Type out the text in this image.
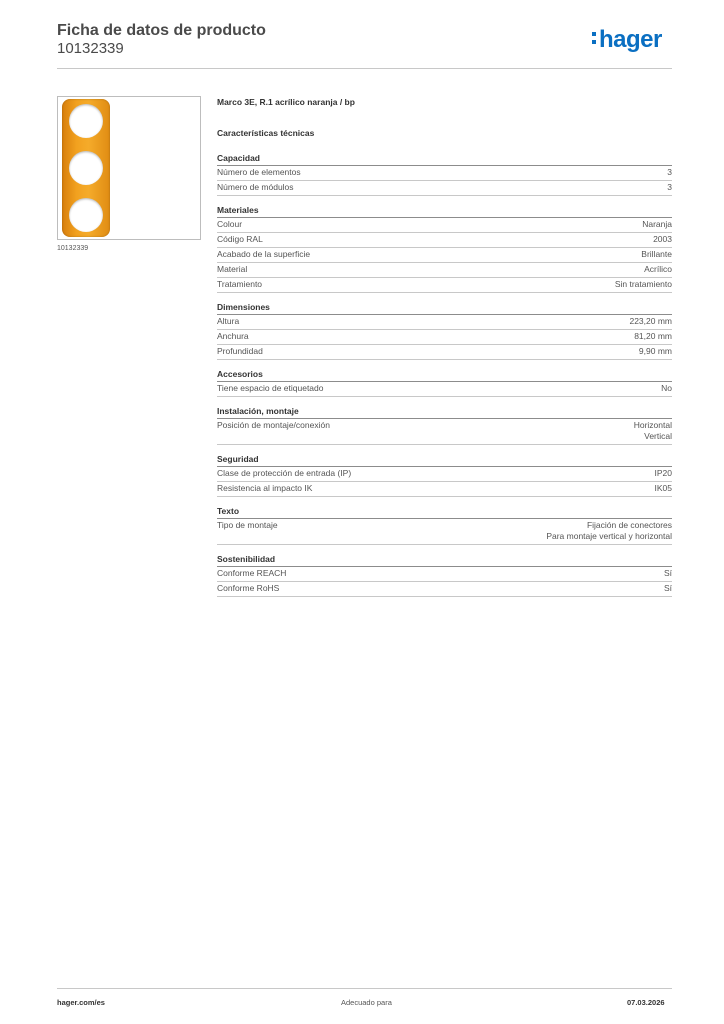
Ficha de datos de producto
10132339	hager
10132339
Marco 3E, R.1 acrílico naranja / bp
Características técnicas
Capacidad
Número de elementos	3
Número de módulos	3
Materiales
Colour	Naranja
Código RAL	2003
Acabado de la superficie	Brillante
Material	Acrílico
Tratamiento	Sin tratamiento
Dimensiones
Altura	223,20 mm
Anchura	81,20 mm
Profundidad	9,90 mm
Accesorios
Tiene espacio de etiquetado	No
Instalación, montaje
Posición de montaje/conexión	Horizontal
Vertical
Seguridad
Clase de protección de entrada (IP)	IP20
Resistencia al impacto IK	IK05
Texto
Tipo de montaje	Fijación de conectores
Para montaje vertical y horizontal
Sostenibilidad
Conforme REACH	Sí
Conforme RoHS	Sí
hager.com/es	Adecuado para	07.03.2026
